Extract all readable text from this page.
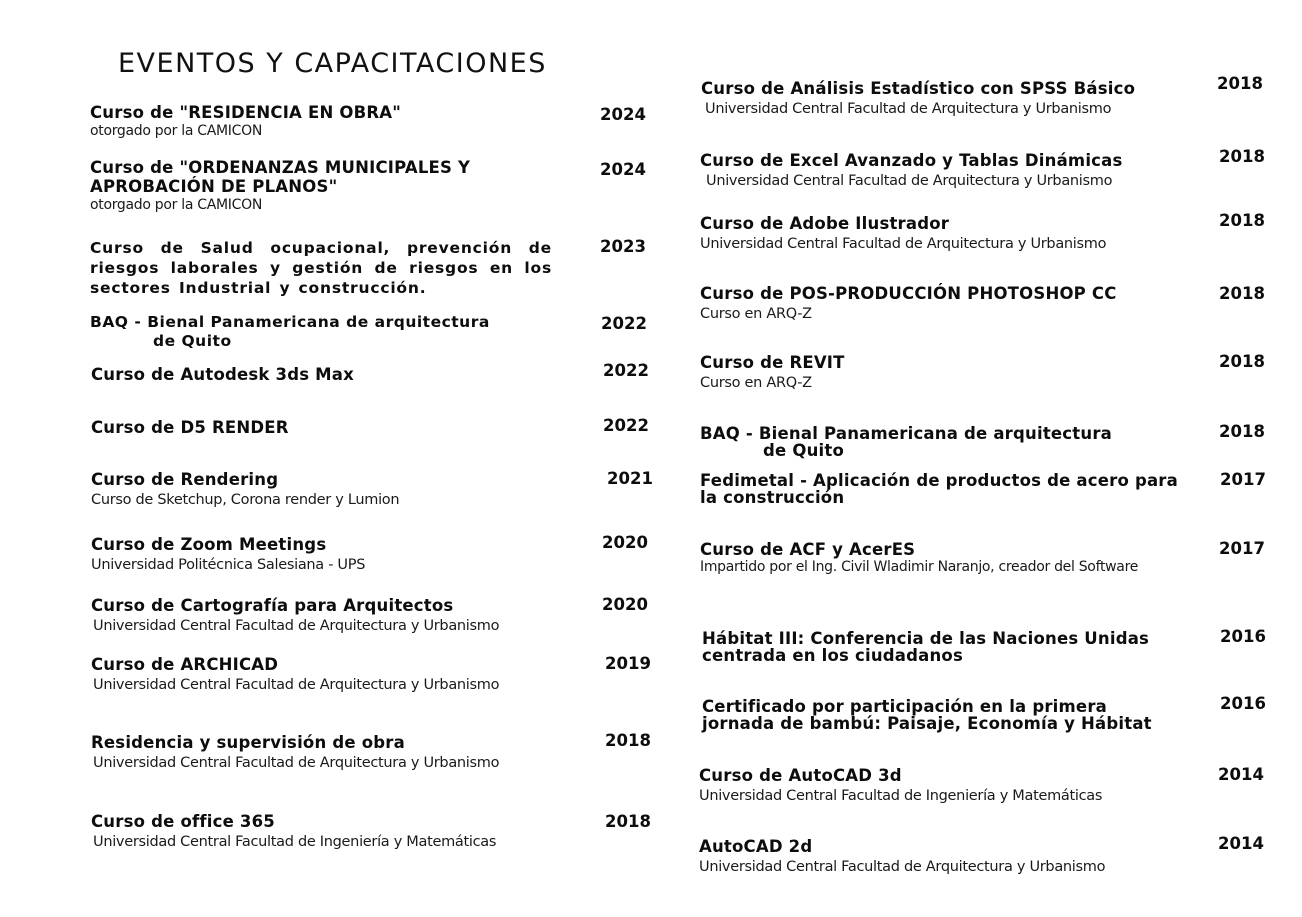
EVENTOS Y CAPACITACIONES
Curso de "RESIDENCIA EN OBRA"
otorgado por la CAMICON
2024
Curso de "ORDENANZAS MUNICIPALES Y APROBACIÓN DE PLANOS"
otorgado por la CAMICON
2024
Curso de Salud ocupacional, prevención de riesgos laborales y gestión de riesgos en los sectores Industrial y construcción.
2023
BAQ - Bienal Panamericana de arquitectura
de Quito
2022
Curso de Autodesk 3ds Max	2022
Curso de D5 RENDER	2022
Curso de Rendering
Curso de Sketchup, Corona render y Lumion
2021
Curso de Zoom Meetings
Universidad Politécnica Salesiana - UPS
2020
Curso de Cartografía para Arquitectos
Universidad Central Facultad de Arquitectura y Urbanismo
2020
Curso de ARCHICAD
Universidad Central Facultad de Arquitectura y Urbanismo
2019
Residencia y supervisión de obra
Universidad Central Facultad de Arquitectura y Urbanismo
2018
Curso de office 365
Universidad Central Facultad de Ingeniería y Matemáticas
2018
Curso de Análisis Estadístico con SPSS Básico
Universidad Central Facultad de Arquitectura y Urbanismo
2018
Curso de Excel Avanzado y Tablas Dinámicas
Universidad Central Facultad de Arquitectura y Urbanismo
2018
Curso de Adobe Ilustrador
Universidad Central Facultad de Arquitectura y Urbanismo
2018
Curso de POS-PRODUCCIÓN PHOTOSHOP CC
Curso en ARQ-Z
2018
Curso de REVIT
Curso en ARQ-Z
2018
BAQ - Bienal Panamericana de arquitectura
de Quito
2018
Fedimetal - Aplicación de productos de acero para la construcción
2017
Curso de ACF y AcerES
Impartido por el Ing. Civil Wladimir Naranjo, creador del Software
2017
Hábitat III: Conferencia de las Naciones Unidas centrada en los ciudadanos
2016
Certificado por participación en la primera jornada de bambú: Paisaje, Economía y Hábitat
2016
Curso de AutoCAD 3d
Universidad Central Facultad de Ingeniería y Matemáticas
2014
AutoCAD 2d
Universidad Central Facultad de Arquitectura y Urbanismo
2014
